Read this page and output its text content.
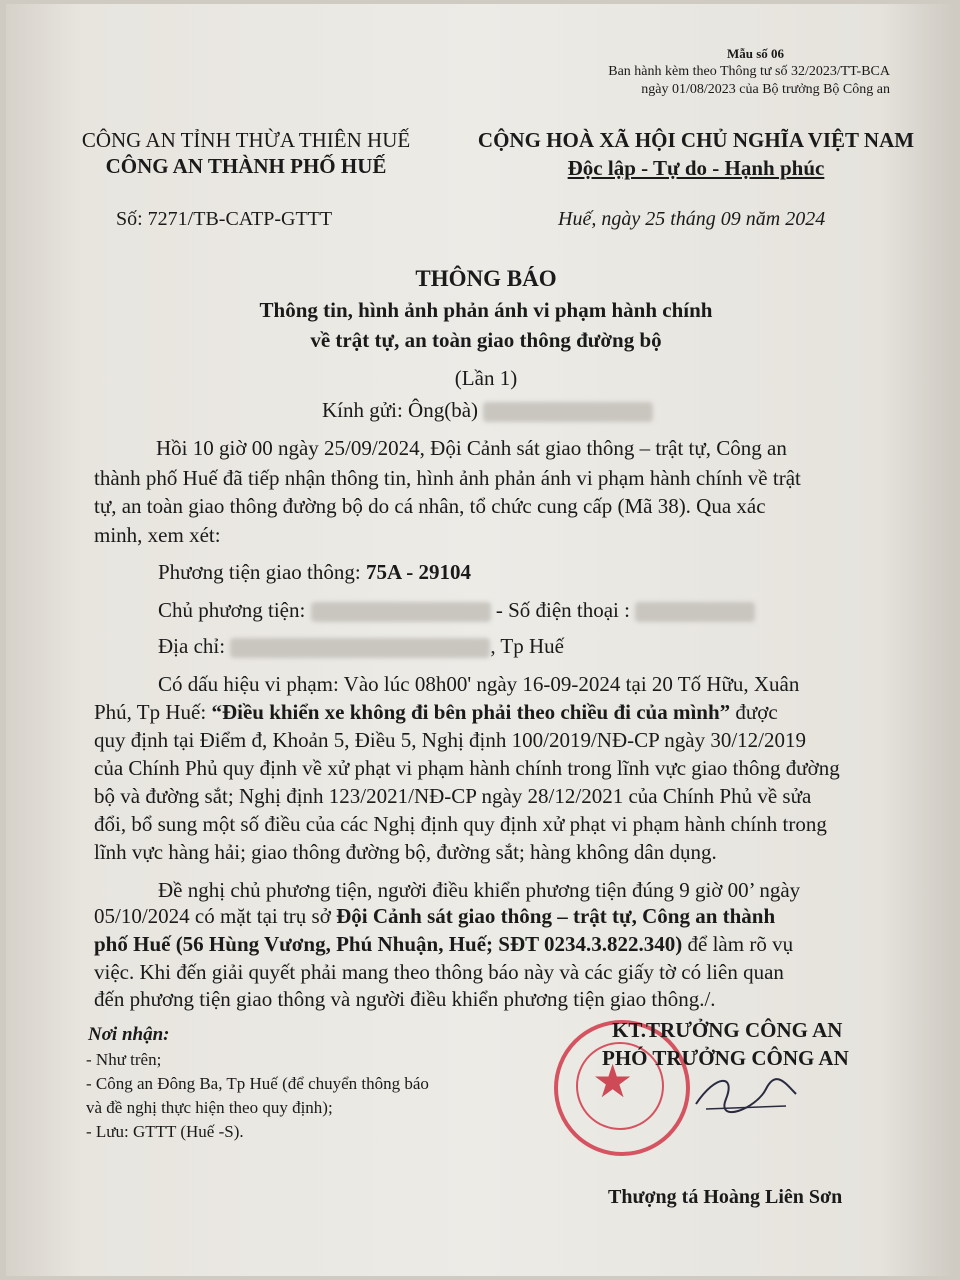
Mẫu số 06
Ban hành kèm theo Thông tư số 32/2023/TT-BCA
ngày 01/08/2023 của Bộ trưởng Bộ Công an
CÔNG AN TỈNH THỪA THIÊN HUẾ
CÔNG AN THÀNH PHỐ HUẾ
Số: 7271/TB-CATP-GTTT
CỘNG HOÀ XÃ HỘI CHỦ NGHĨA VIỆT NAM
Độc lập - Tự do - Hạnh phúc
Huế, ngày 25 tháng 09 năm 2024
THÔNG BÁO
Thông tin, hình ảnh phản ánh vi phạm hành chính
về trật tự, an toàn giao thông đường bộ
(Lần 1)
Kính gửi: Ông(bà)
Hồi 10 giờ 00 ngày 25/09/2024, Đội Cảnh sát giao thông – trật tự, Công an
thành phố Huế đã tiếp nhận thông tin, hình ảnh phản ánh vi phạm hành chính về trật
tự, an toàn giao thông đường bộ do cá nhân, tổ chức cung cấp (Mã 38). Qua xác
minh, xem xét:
Phương tiện giao thông: 75A - 29104
Chủ phương tiện:	- Số điện thoại :
Địa chỉ:	, Tp Huế
Có dấu hiệu vi phạm: Vào lúc 08h00' ngày 16-09-2024 tại 20 Tố Hữu, Xuân
Phú, Tp Huế: “Điều khiển xe không đi bên phải theo chiều đi của mình” được
quy định tại Điểm đ, Khoản 5, Điều 5, Nghị định 100/2019/NĐ-CP ngày 30/12/2019
của Chính Phủ quy định về xử phạt vi phạm hành chính trong lĩnh vực giao thông đường
bộ và đường sắt; Nghị định 123/2021/NĐ-CP ngày 28/12/2021 của Chính Phủ về sửa
đổi, bổ sung một số điều của các Nghị định quy định xử phạt vi phạm hành chính trong
lĩnh vực hàng hải; giao thông đường bộ, đường sắt; hàng không dân dụng.
Đề nghị chủ phương tiện, người điều khiển phương tiện đúng 9 giờ 00’ ngày
05/10/2024 có mặt tại trụ sở Đội Cảnh sát giao thông – trật tự, Công an thành
phố Huế (56 Hùng Vương, Phú Nhuận, Huế; SĐT 0234.3.822.340) để làm rõ vụ
việc. Khi đến giải quyết phải mang theo thông báo này và các giấy tờ có liên quan
đến phương tiện giao thông và người điều khiển phương tiện giao thông./.
Nơi nhận:
- Như trên;
- Công an Đông Ba, Tp Huế (để chuyển thông báo
và đề nghị thực hiện theo quy định);
- Lưu: GTTT (Huế -S).
★
KT.TRƯỞNG CÔNG AN
PHÓ TRƯỞNG CÔNG AN
Thượng tá Hoàng Liên Sơn
